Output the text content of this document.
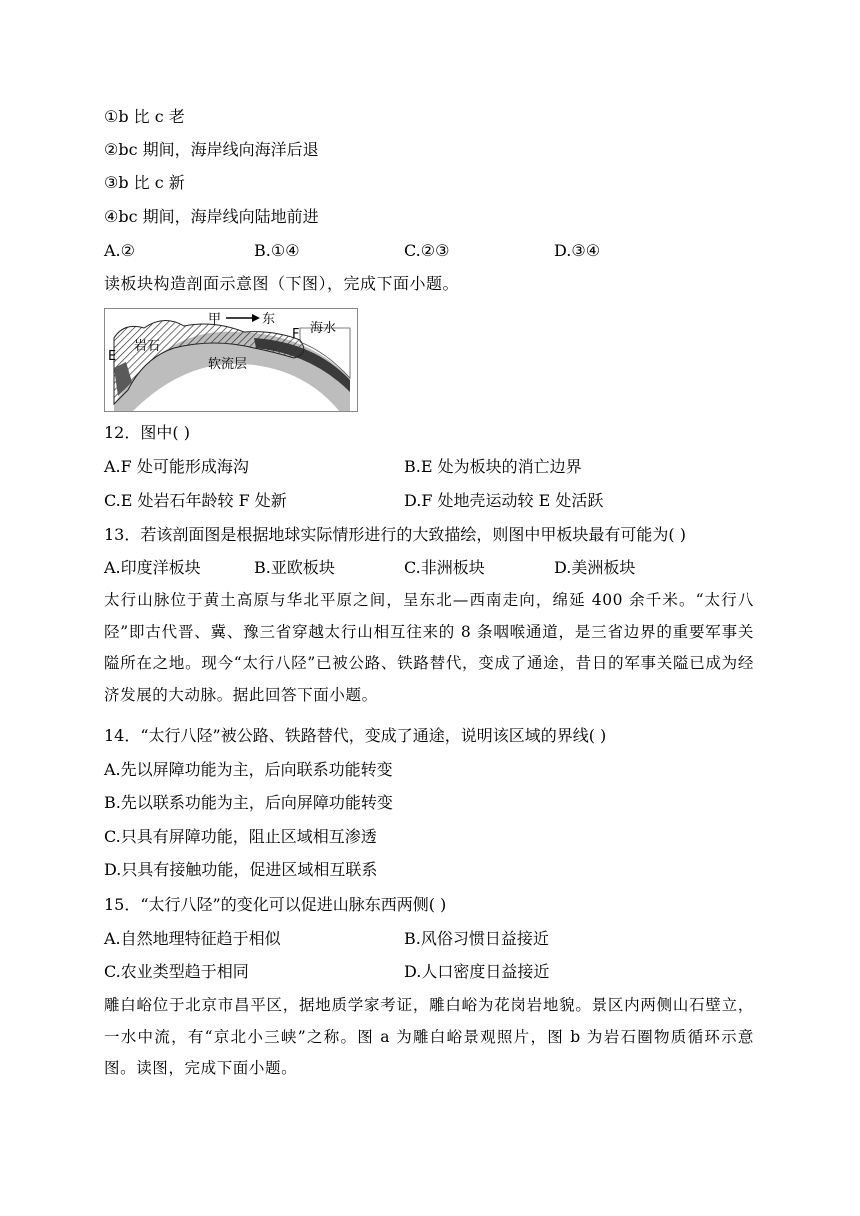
①b 比 c 老
②bc 期间，海岸线向海洋后退
③b 比 c 新
④bc 期间，海岸线向陆地前进
A.②	B.①④	C.②③	D.③④
读板块构造剖面示意图（下图），完成下面小题。
甲	东
F 海水
E
岩石
软流层
12．图中( )
A.F 处可能形成海沟	B.E 处为板块的消亡边界
C.E 处岩石年龄较 F 处新	D.F 处地壳运动较 E 处活跃
13．若该剖面图是根据地球实际情形进行的大致描绘，则图中甲板块最有可能为( )
A.印度洋板块	B.亚欧板块	C.非洲板块	D.美洲板块
太行山脉位于黄土高原与华北平原之间，呈东北—西南走向，绵延 400 余千米。“太行八陉”即古代晋、冀、豫三省穿越太行山相互往来的 8 条咽喉通道，是三省边界的重要军事关隘所在之地。现今“太行八陉”已被公路、铁路替代，变成了通途，昔日的军事关隘已成为经济发展的大动脉。据此回答下面小题。
14．“太行八陉”被公路、铁路替代，变成了通途，说明该区域的界线( )
A.先以屏障功能为主，后向联系功能转变
B.先以联系功能为主，后向屏障功能转变
C.只具有屏障功能，阻止区域相互渗透
D.只具有接触功能，促进区域相互联系
15．“太行八陉”的变化可以促进山脉东西两侧( )
A.自然地理特征趋于相似	B.风俗习惯日益接近
C.农业类型趋于相同	D.人口密度日益接近
雕白峪位于北京市昌平区，据地质学家考证，雕白峪为花岗岩地貌。景区内两侧山石壁立，一水中流，有“京北小三峡”之称。图 a 为雕白峪景观照片，图 b 为岩石圈物质循环示意图。读图，完成下面小题。
